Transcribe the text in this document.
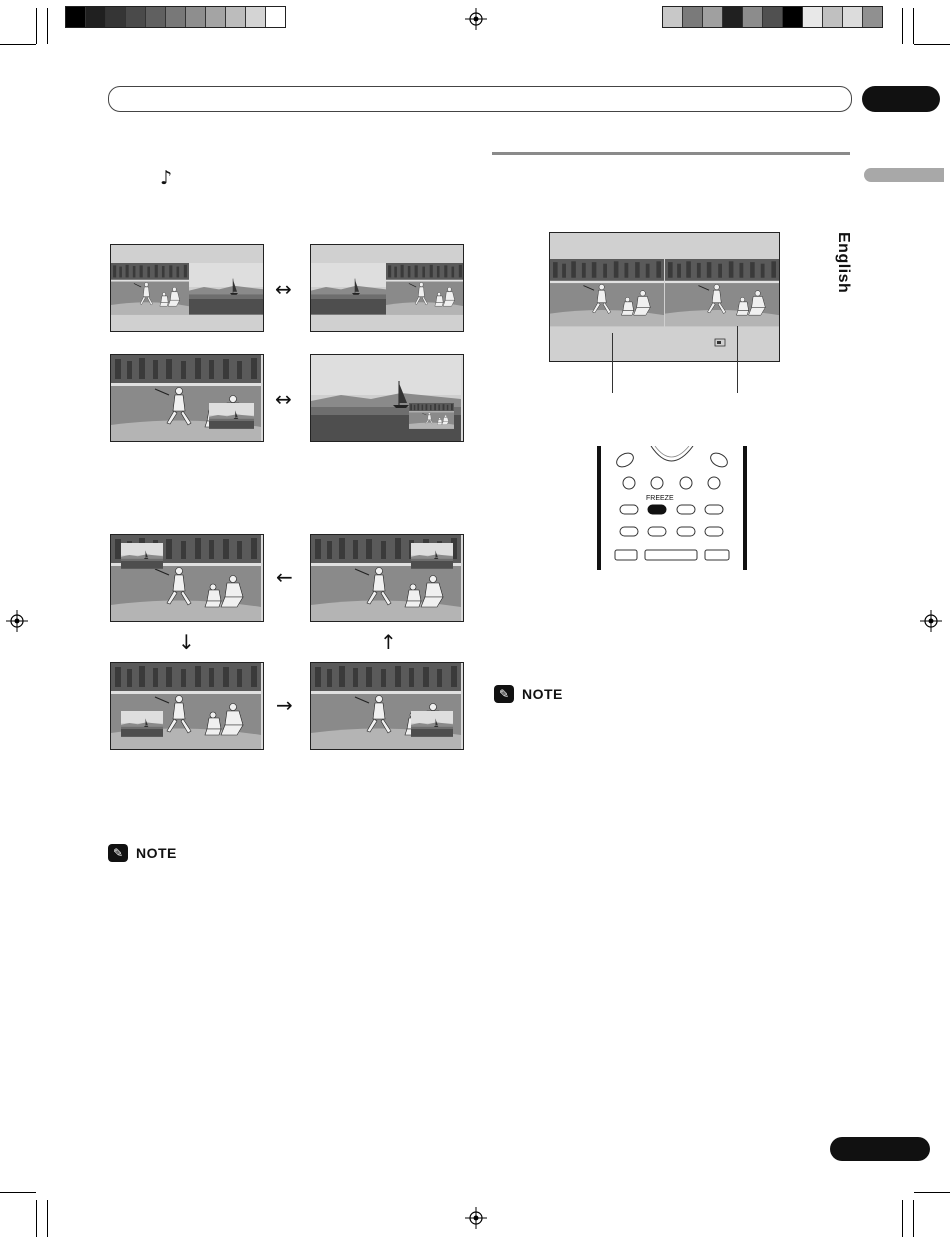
English
♪
↔
↔
←
↓	↑
→
✎ NOTE
FREEZE
✎ NOTE
